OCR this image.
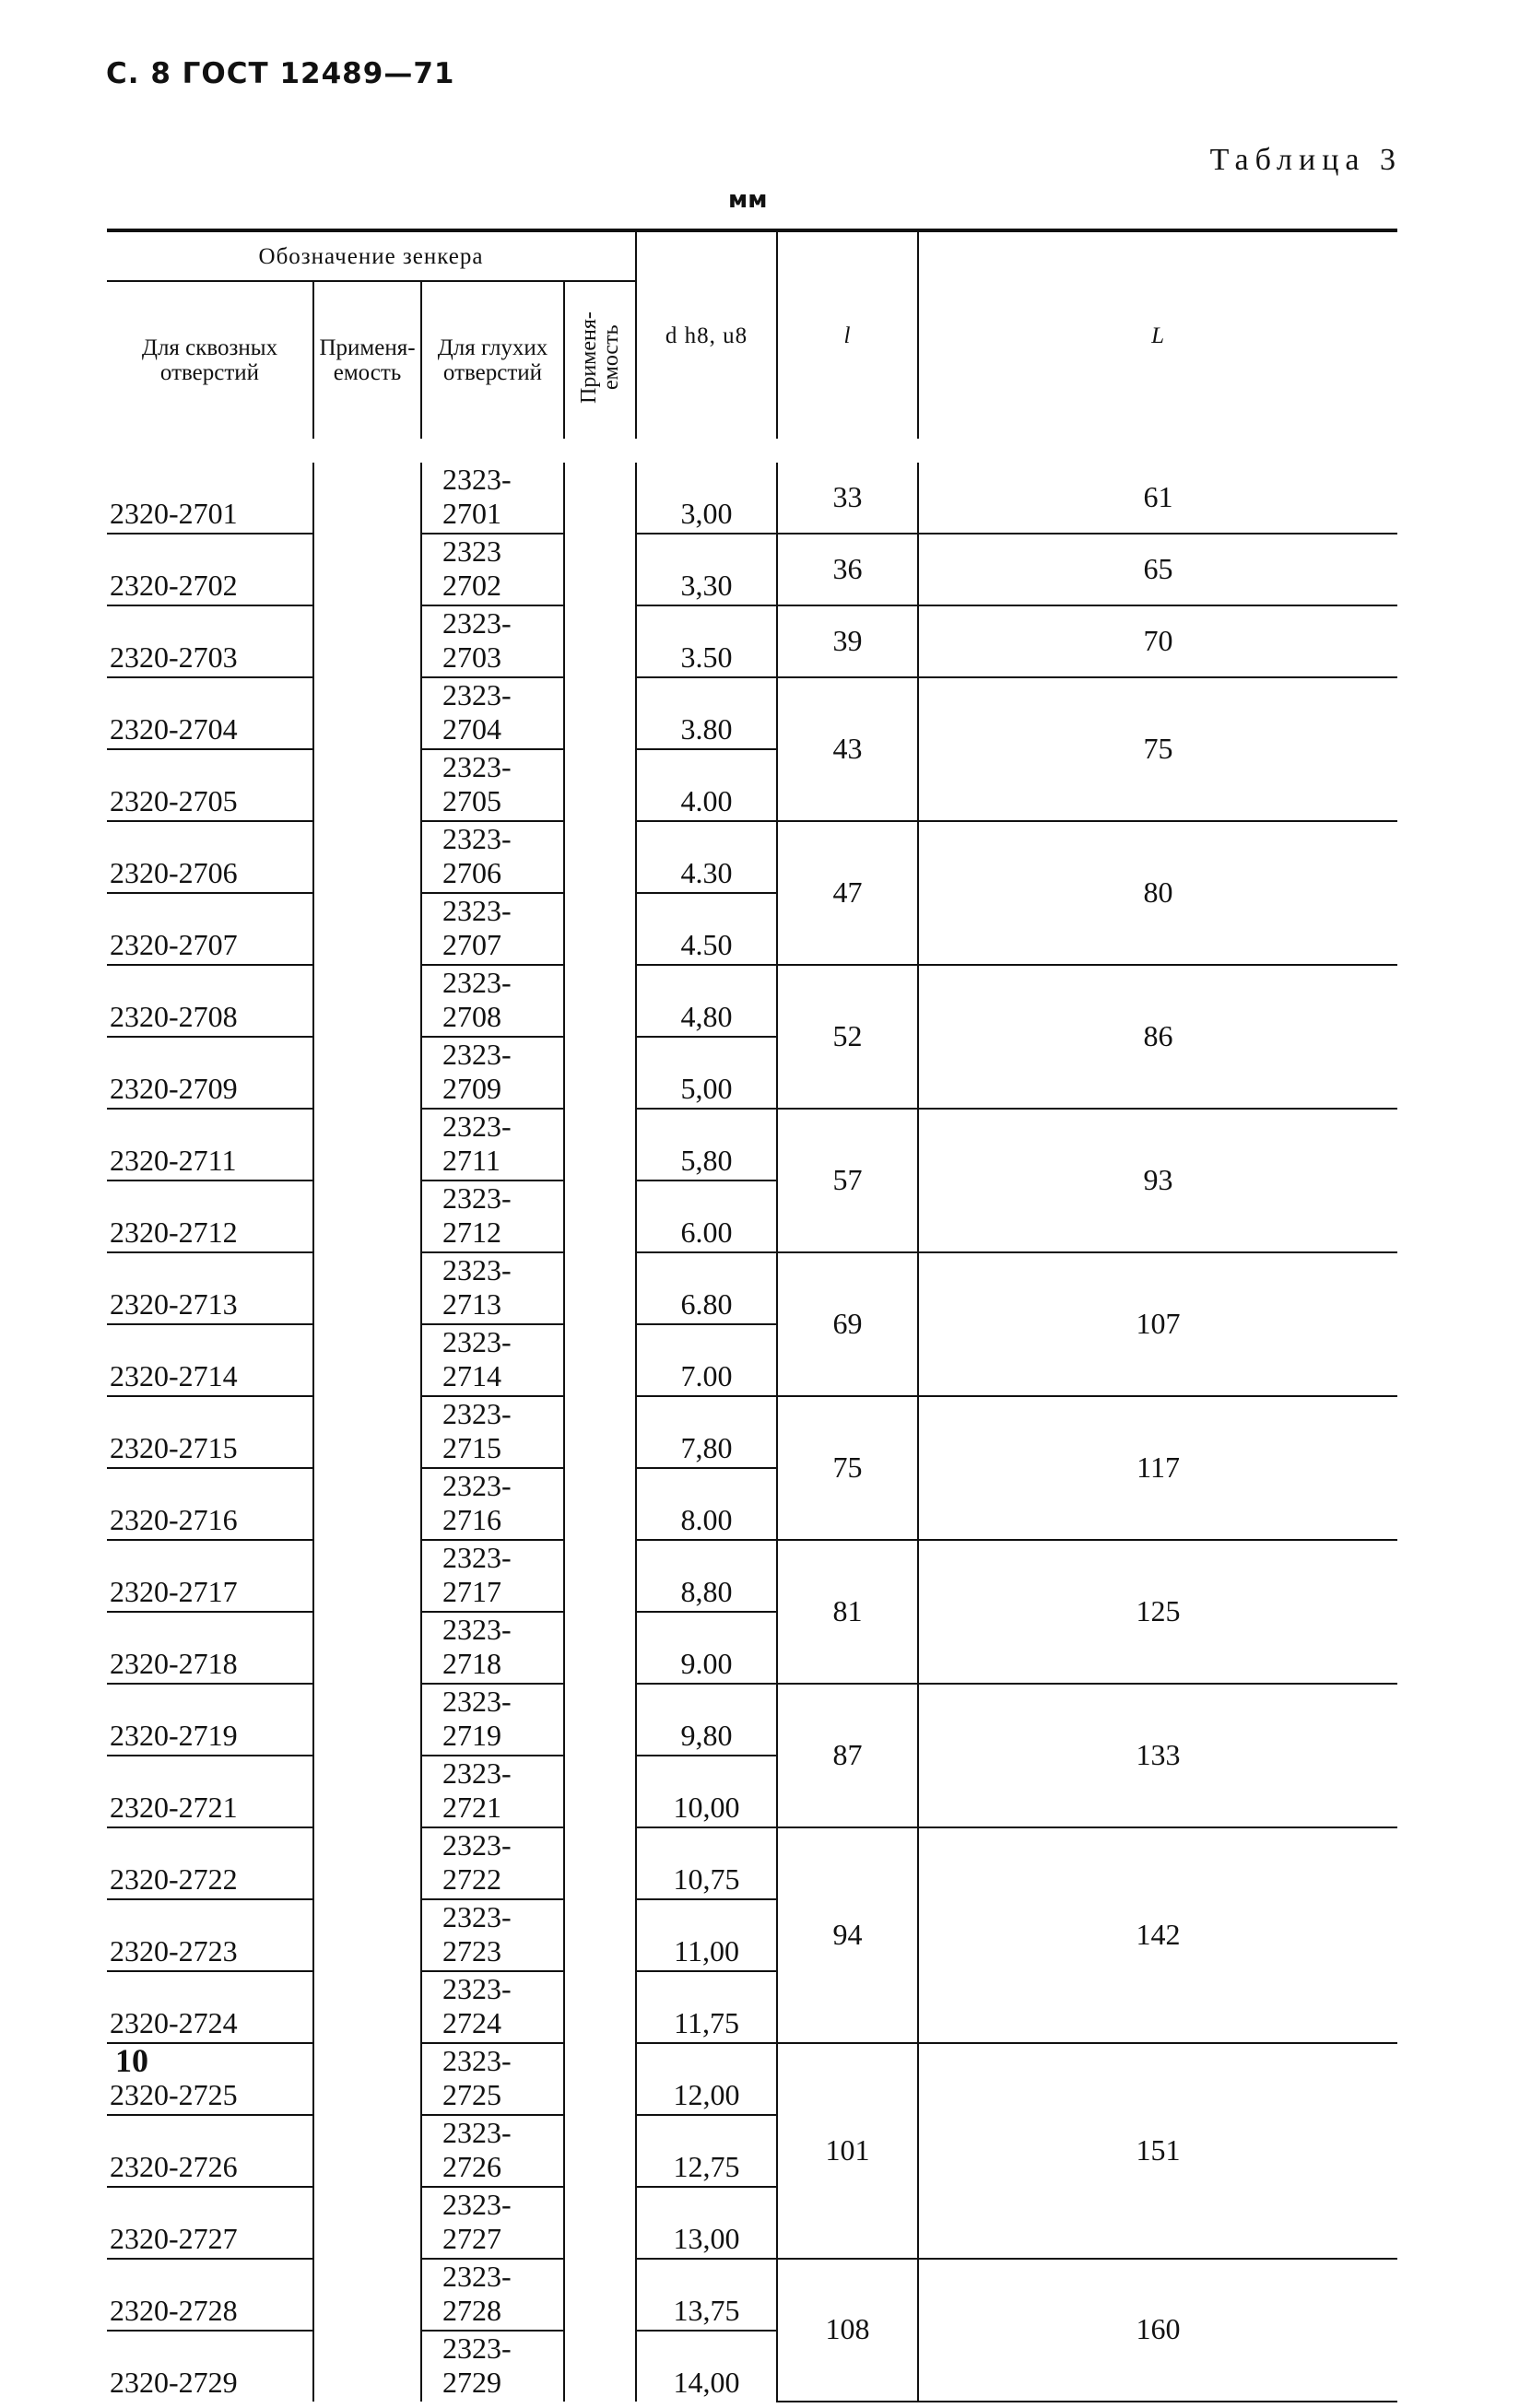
С. 8 ГОСТ 12489—71
Таблица 3
мм
Обозначение зенкера				d h8, u8	l	L
Для сквозных отверстий	Применя-емость	Для глухих отверстий	Применя-емость			
2320-2701		2323-2701		3,00	33	61
2320-2702		2323 2702		3,30	36	65
2320-2703		2323-2703		3.50	39	70
2320-2704		2323-2704		3.80	43	75
2320-2705		2323-2705		4.00		
2320-2706		2323-2706		4.30	47	80
2320-2707		2323-2707		4.50		
2320-2708		2323-2708		4,80	52	86
2320-2709		2323-2709		5,00		
2320-2711		2323-2711		5,80	57	93
2320-2712		2323-2712		6.00		
2320-2713		2323-2713		6.80	69	107
2320-2714		2323-2714		7.00		
2320-2715		2323-2715		7,80	75	117
2320-2716		2323-2716		8.00		
2320-2717		2323-2717		8,80	81	125
2320-2718		2323-2718		9.00		
2320-2719		2323-2719		9,80	87	133
2320-2721		2323-2721		10,00		
2320-2722		2323-2722		10,75	94	142
2320-2723		2323-2723		11,00		
2320-2724		2323-2724		11,75		
2320-2725		2323-2725		12,00	101	151
2320-2726		2323-2726		12,75		
2320-2727		2323-2727		13,00		
2320-2728		2323-2728		13,75	108	160
2320-2729		2323-2729		14,00		
10
